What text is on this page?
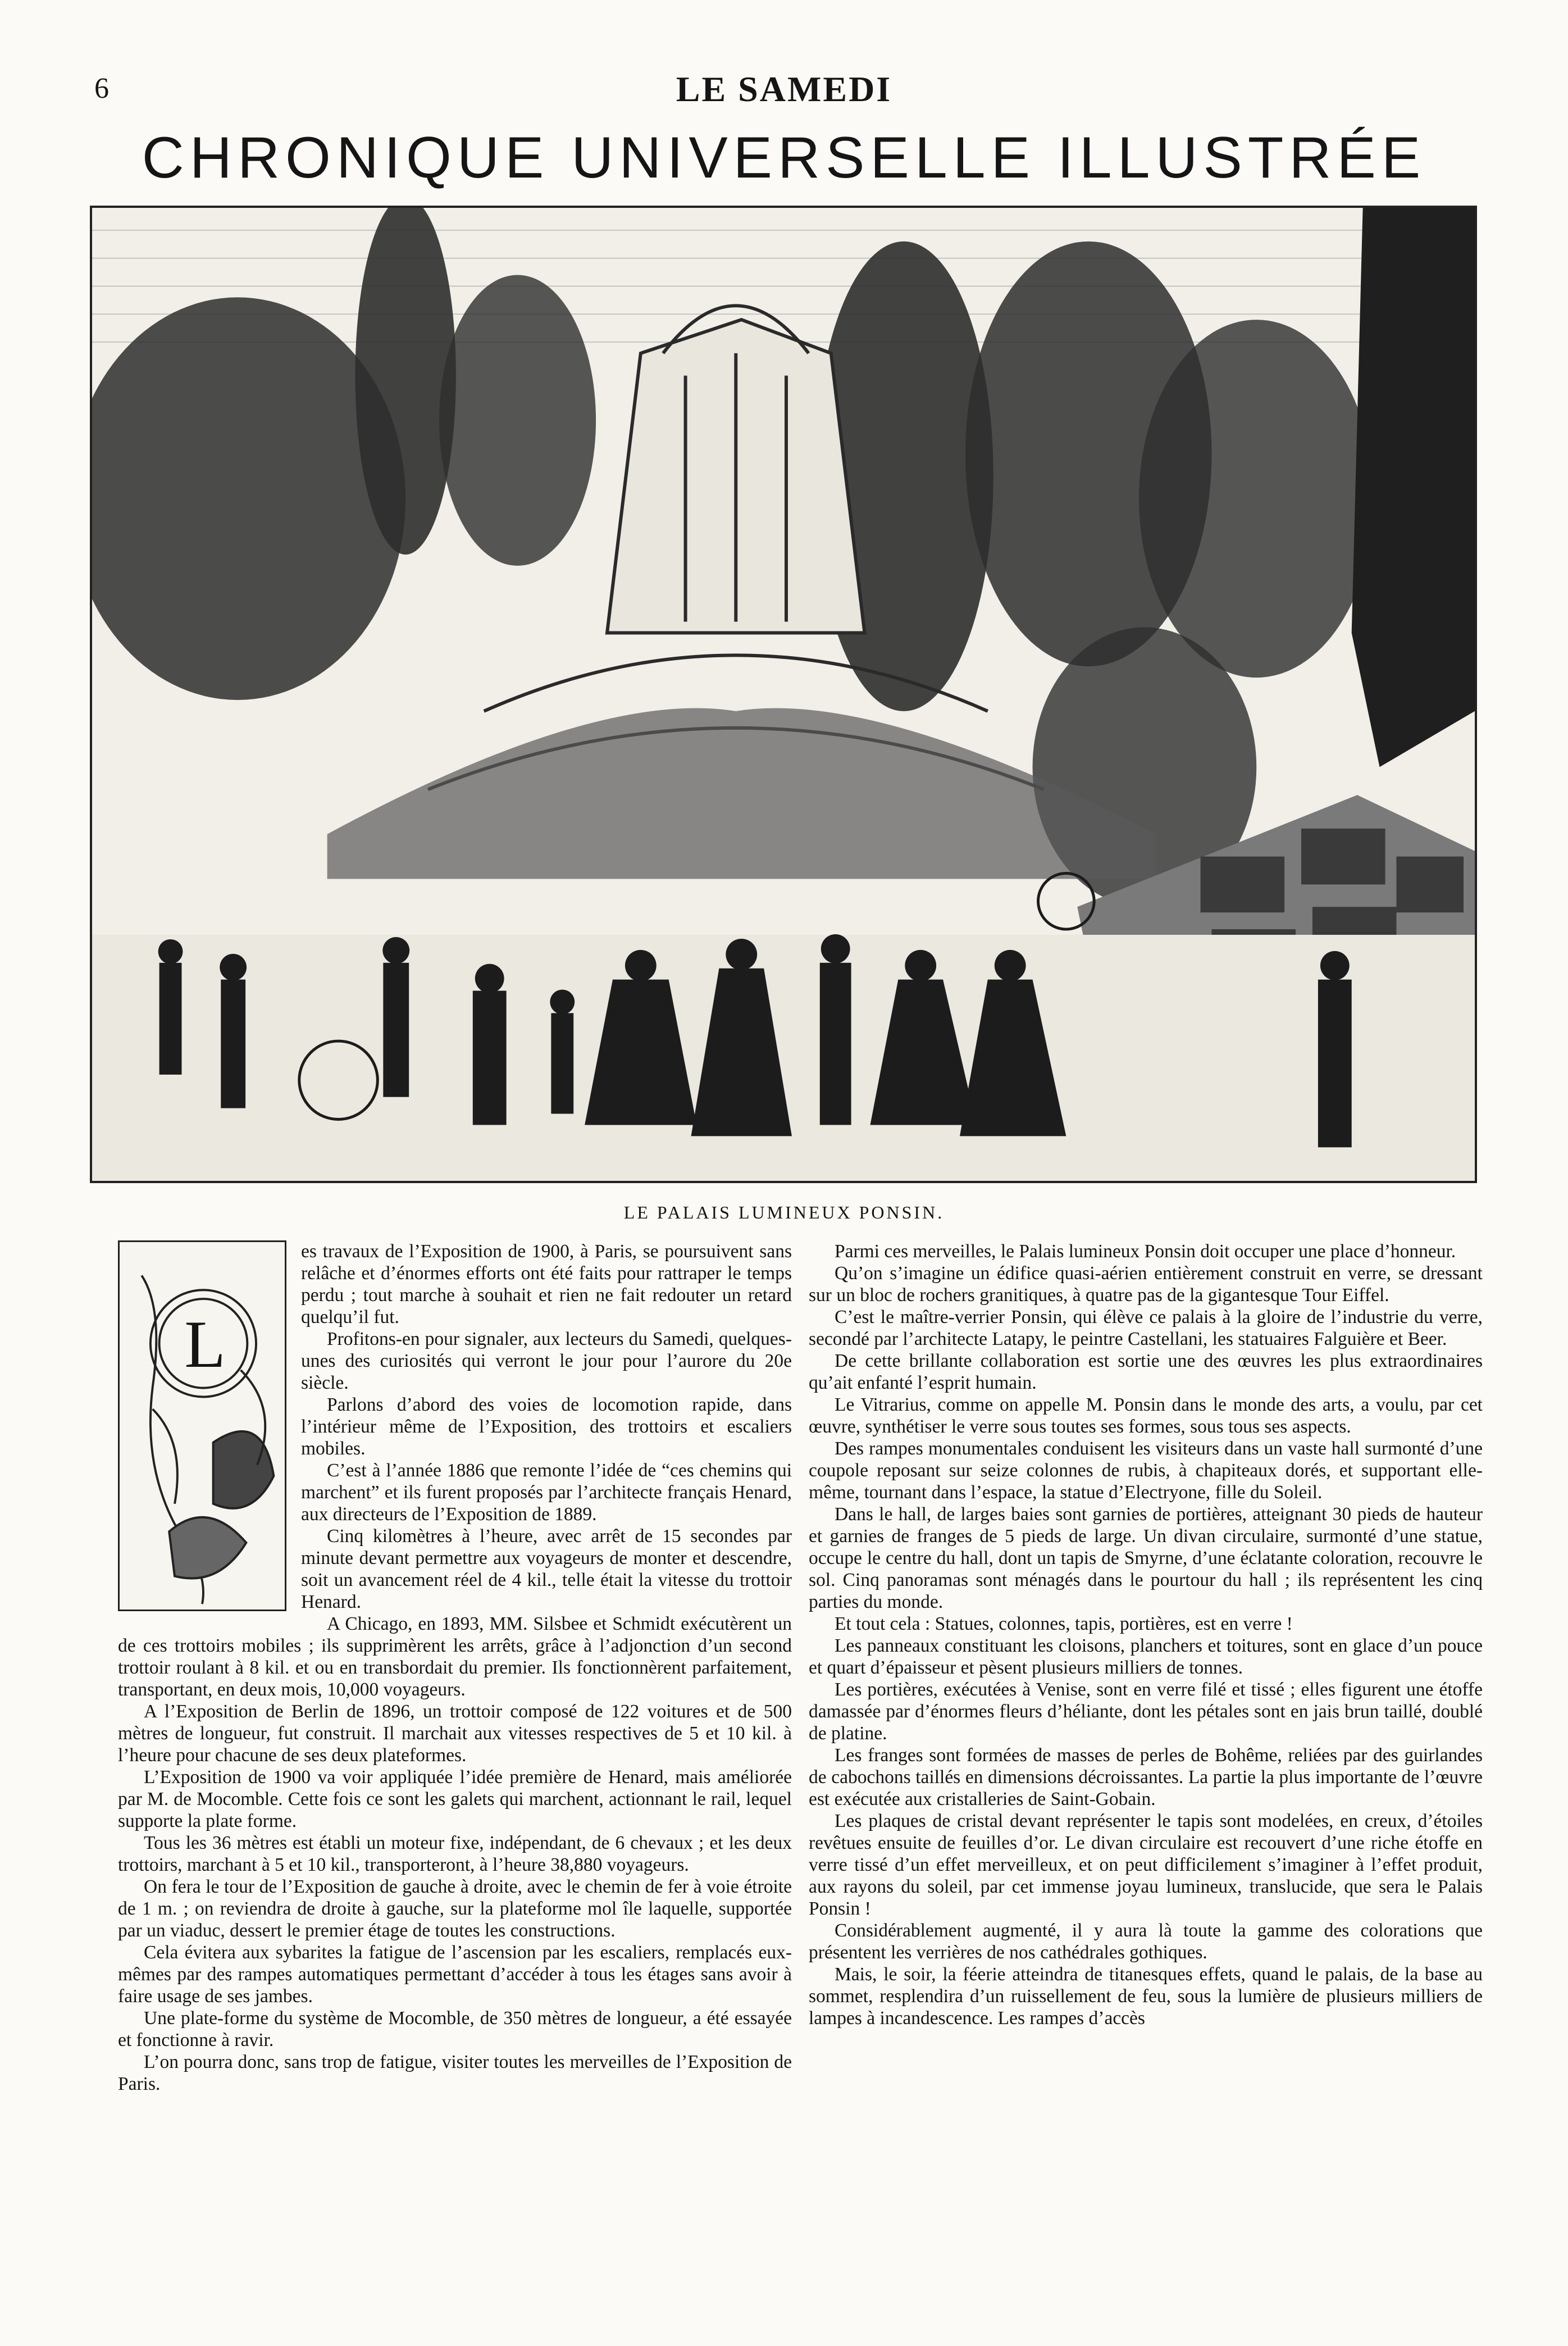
6	LE SAMEDI
CHRONIQUE UNIVERSELLE ILLUSTRÉE
LE PALAIS LUMINEUX PONSIN.
L

es travaux de l’Exposition de 1900, à Paris, se poursuivent sans relâche et d’énormes efforts ont été faits pour rattraper le temps perdu ; tout marche à souhait et rien ne fait redouter un retard quelqu’il fut.

Profitons-en pour signaler, aux lecteurs du Samedi, quelques-unes des curiosités qui verront le jour pour l’aurore du 20e siècle.

Parlons d’abord des voies de locomotion rapide, dans l’intérieur même de l’Exposition, des trottoirs et escaliers mobiles.

C’est à l’année 1886 que remonte l’idée de “ces chemins qui marchent” et ils furent proposés par l’architecte français Henard, aux directeurs de l’Exposition de 1889.

Cinq kilomètres à l’heure, avec arrêt de 15 secondes par minute devant permettre aux voyageurs de monter et descendre, soit un avancement réel de 4 kil., telle était la vitesse du trottoir Henard.

A Chicago, en 1893, MM. Silsbee et Schmidt exécutèrent un de ces trottoirs mobiles ; ils supprimèrent les arrêts, grâce à l’adjonction d’un second trottoir roulant à 8 kil. et ou en transbordait du premier. Ils fonctionnèrent parfaitement, transportant, en deux mois, 10,000 voyageurs.

A l’Exposition de Berlin de 1896, un trottoir composé de 122 voitures et de 500 mètres de longueur, fut construit. Il marchait aux vitesses respectives de 5 et 10 kil. à l’heure pour chacune de ses deux plateformes.

L’Exposition de 1900 va voir appliquée l’idée première de Henard, mais améliorée par M. de Mocomble. Cette fois ce sont les galets qui marchent, actionnant le rail, lequel supporte la plate forme.

Tous les 36 mètres est établi un moteur fixe, indépendant, de 6 chevaux ; et les deux trottoirs, marchant à 5 et 10 kil., transporteront, à l’heure 38,880 voyageurs.

On fera le tour de l’Exposition de gauche à droite, avec le chemin de fer à voie étroite de 1 m. ; on reviendra de droite à gauche, sur la plateforme mol île laquelle, supportée par un viaduc, dessert le premier étage de toutes les constructions.

Cela évitera aux sybarites la fatigue de l’ascension par les escaliers, remplacés eux-mêmes par des rampes automatiques permettant d’accéder à tous les étages sans avoir à faire usage de ses jambes.

Une plate-forme du système de Mocomble, de 350 mètres de longueur, a été essayée et fonctionne à ravir.

L’on pourra donc, sans trop de fatigue, visiter toutes les merveilles de l’Exposition de Paris.

Parmi ces merveilles, le Palais lumineux Ponsin doit occuper une place d’honneur.

Qu’on s’imagine un édifice quasi-aérien entièrement construit en verre, se dressant sur un bloc de rochers granitiques, à quatre pas de la gigantesque Tour Eiffel.

C’est le maître-verrier Ponsin, qui élève ce palais à la gloire de l’industrie du verre, secondé par l’architecte Latapy, le peintre Castellani, les statuaires Falguière et Beer.

De cette brillante collaboration est sortie une des œuvres les plus extraordinaires qu’ait enfanté l’esprit humain.

Le Vitrarius, comme on appelle M. Ponsin dans le monde des arts, a voulu, par cet œuvre, synthétiser le verre sous toutes ses formes, sous tous ses aspects.

Des rampes monumentales conduisent les visiteurs dans un vaste hall surmonté d’une coupole reposant sur seize colonnes de rubis, à chapiteaux dorés, et supportant elle-même, tournant dans l’espace, la statue d’Electryone, fille du Soleil.

Dans le hall, de larges baies sont garnies de portières, atteignant 30 pieds de hauteur et garnies de franges de 5 pieds de large. Un divan circulaire, surmonté d’une statue, occupe le centre du hall, dont un tapis de Smyrne, d’une éclatante coloration, recouvre le sol. Cinq panoramas sont ménagés dans le pourtour du hall ; ils représentent les cinq parties du monde.

Et tout cela : Statues, colonnes, tapis, portières, est en verre !

Les panneaux constituant les cloisons, planchers et toitures, sont en glace d’un pouce et quart d’épaisseur et pèsent plusieurs milliers de tonnes.

Les portières, exécutées à Venise, sont en verre filé et tissé ; elles figurent une étoffe damassée par d’énormes fleurs d’héliante, dont les pétales sont en jais brun taillé, doublé de platine.

Les franges sont formées de masses de perles de Bohême, reliées par des guirlandes de cabochons taillés en dimensions décroissantes. La partie la plus importante de l’œuvre est exécutée aux cristalleries de Saint-Gobain.

Les plaques de cristal devant représenter le tapis sont modelées, en creux, d’étoiles revêtues ensuite de feuilles d’or. Le divan circulaire est recouvert d’une riche étoffe en verre tissé d’un effet merveilleux, et on peut difficilement s’imaginer à l’effet produit, aux rayons du soleil, par cet immense joyau lumineux, translucide, que sera le Palais Ponsin !

Considérablement augmenté, il y aura là toute la gamme des colorations que présentent les verrières de nos cathédrales gothiques.

Mais, le soir, la féerie atteindra de titanesques effets, quand le palais, de la base au sommet, resplendira d’un ruissellement de feu, sous la lumière de plusieurs milliers de lampes à incandescence. Les rampes d’accès
